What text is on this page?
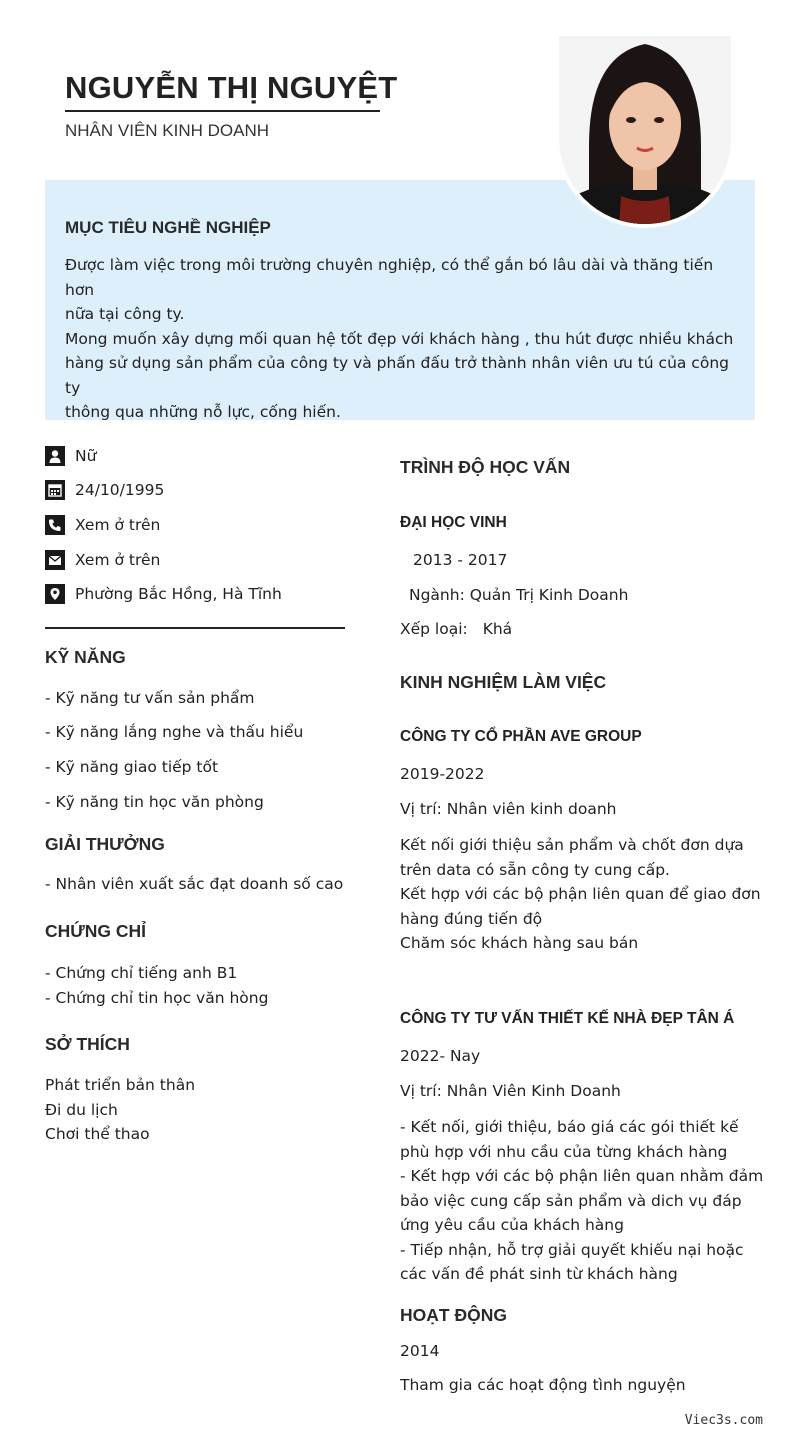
NGUYỄN THỊ NGUYỆT
NHÂN VIÊN KINH DOANH
MỤC TIÊU NGHỀ NGHIỆP
Được làm việc trong môi trường chuyên nghiệp, có thể gắn bó lâu dài và thăng tiến hơn
nữa tại công ty.
Mong muốn xây dựng mối quan hệ tốt đẹp với khách hàng , thu hút được nhiều khách
hàng sử dụng sản phẩm của công ty và phấn đấu trở thành nhân viên ưu tú của công ty
thông qua những nỗ lực, cống hiến.
Nữ
24/10/1995
Xem ở trên
Xem ở trên
Phường Bắc Hồng, Hà Tĩnh
KỸ NĂNG
- Kỹ năng tư vấn sản phẩm
- Kỹ năng lắng nghe và thấu hiểu
- Kỹ năng giao tiếp tốt
- Kỹ năng tin học văn phòng
GIẢI THƯỞNG
- Nhân viên xuất sắc đạt doanh số cao
CHỨNG CHỈ
- Chứng chỉ tiếng anh B1
- Chứng chỉ tin học văn hòng
SỞ THÍCH
Phát triển bản thân
Đi du lịch
Chơi thể thao
TRÌNH ĐỘ HỌC VẤN
ĐẠI HỌC VINH
2013 - 2017
Ngành: Quản Trị Kinh Doanh
Xếp loại: Khá
KINH NGHIỆM LÀM VIỆC
CÔNG TY CỔ PHẦN AVE GROUP
2019-2022
Vị trí: Nhân viên kinh doanh
Kết nối giới thiệu sản phẩm và chốt đơn dựa
trên data có sẵn công ty cung cấp.
Kết hợp với các bộ phận liên quan để giao đơn
hàng đúng tiến độ
Chăm sóc khách hàng sau bán
CÔNG TY TƯ VẤN THIẾT KẾ NHÀ ĐẸP TÂN Á
2022- Nay
Vị trí: Nhân Viên Kinh Doanh
- Kết nối, giới thiệu, báo giá các gói thiết kế
phù hợp với nhu cầu của từng khách hàng
- Kết hợp với các bộ phận liên quan nhằm đảm
bảo việc cung cấp sản phẩm và dich vụ đáp
ứng yêu cầu của khách hàng
- Tiếp nhận, hỗ trợ giải quyết khiếu nại hoặc
các vấn đề phát sinh từ khách hàng
HOẠT ĐỘNG
2014
Tham gia các hoạt động tình nguyện
Viec3s.com
